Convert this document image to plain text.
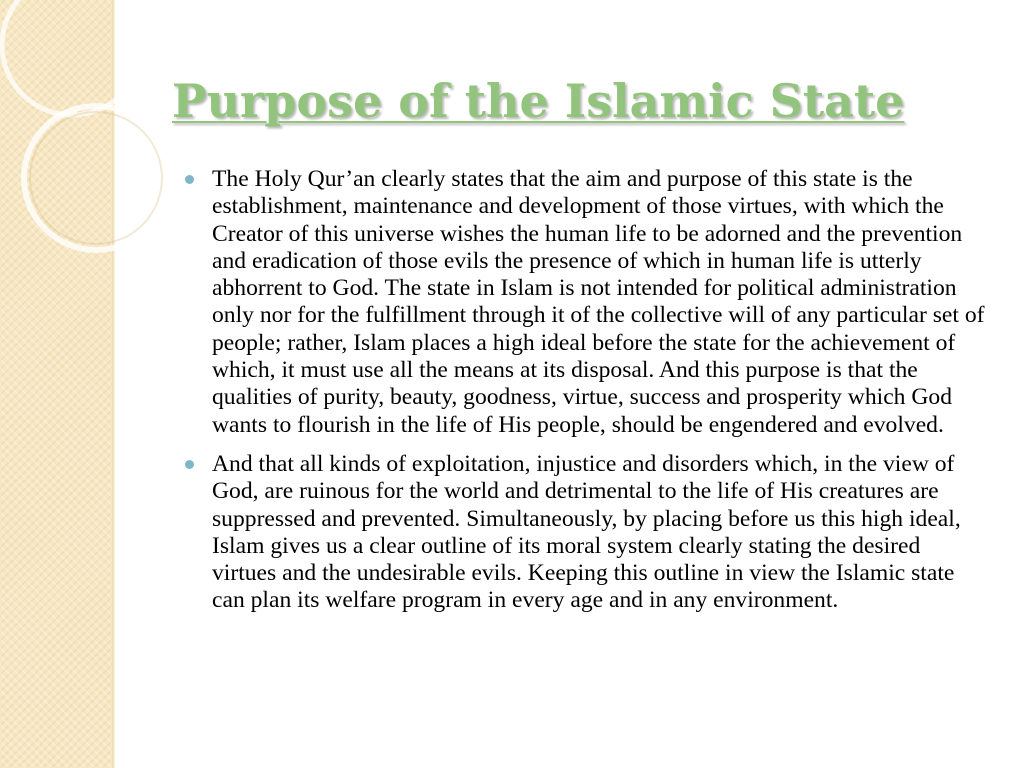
Purpose of the Islamic State
The Holy Qur’an clearly states that the aim and purpose of this state is the establishment, maintenance and development of those virtues, with which the Creator of this universe wishes the human life to be adorned and the prevention and eradication of those evils the presence of which in human life is utterly abhorrent to God. The state in Islam is not intended for political administration only nor for the fulfillment through it of the collective will of any particular set of people; rather, Islam places a high ideal before the state for the achievement of which, it must use all the means at its disposal. And this purpose is that the qualities of purity, beauty, goodness, virtue, success and prosperity which God wants to flourish in the life of His people, should be engendered and evolved.
And that all kinds of exploitation, injustice and disorders which, in the view of God, are ruinous for the world and detrimental to the life of His creatures are suppressed and prevented. Simultaneously, by placing before us this high ideal, Islam gives us a clear outline of its moral system clearly stating the desired virtues and the undesirable evils. Keeping this outline in view the Islamic state can plan its welfare program in every age and in any environment.
